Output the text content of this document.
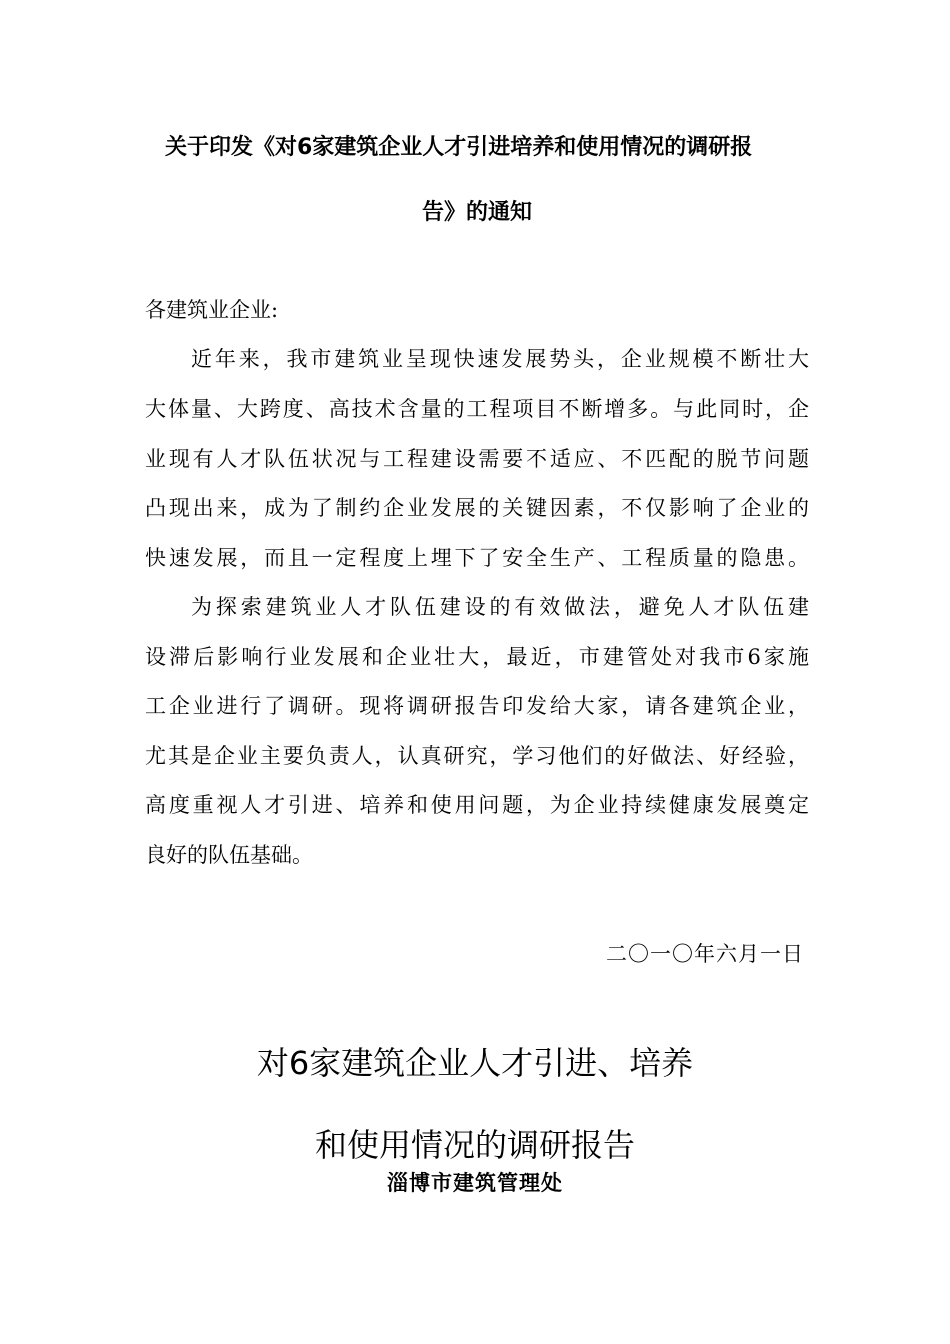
关于印发《对6家建筑企业人才引进培养和使用情况的调研报
告》的通知
各建筑业企业:
近年来，我市建筑业呈现快速发展势头，企业规模不断壮大
大体量、大跨度、高技术含量的工程项目不断增多。与此同时，企
业现有人才队伍状况与工程建设需要不适应、不匹配的脱节问题
凸现出来，成为了制约企业发展的关键因素，不仅影响了企业的
快速发展，而且一定程度上埋下了安全生产、工程质量的隐患。
为探索建筑业人才队伍建设的有效做法，避免人才队伍建
设滞后影响行业发展和企业壮大，最近，市建管处对我市6家施
工企业进行了调研。现将调研报告印发给大家，请各建筑企业，
尤其是企业主要负责人，认真研究，学习他们的好做法、好经验，
高度重视人才引进、培养和使用问题，为企业持续健康发展奠定
良好的队伍基础。
二〇一〇年六月一日
对6家建筑企业人才引进、培养
和使用情况的调研报告
淄博市建筑管理处
